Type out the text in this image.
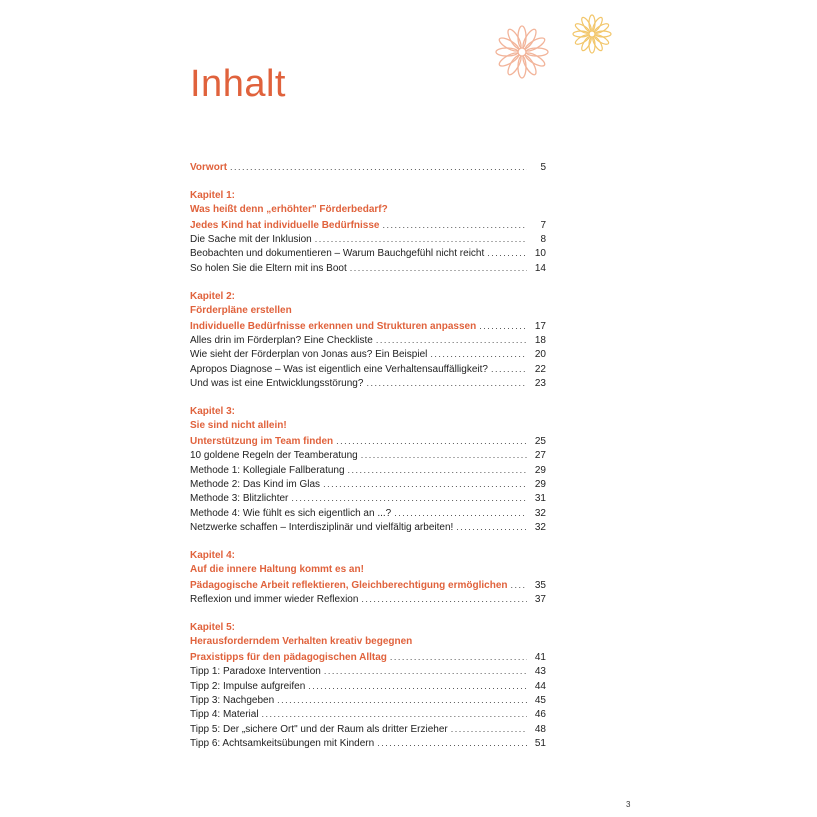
Inhalt
Vorwort .....	5
Kapitel 1:
Was heißt denn „erhöhter" Förderbedarf?
Jedes Kind hat individuelle Bedürfnisse .....	7
Die Sache mit der Inklusion .....	8
Beobachten und dokumentieren – Warum Bauchgefühl nicht reicht .....	10
So holen Sie die Eltern mit ins Boot .....	14
Kapitel 2:
Förderpläne erstellen
Individuelle Bedürfnisse erkennen und Strukturen anpassen .....	17
Alles drin im Förderplan? Eine Checkliste .....	18
Wie sieht der Förderplan von Jonas aus? Ein Beispiel .....	20
Apropos Diagnose – Was ist eigentlich eine Verhaltensauffälligkeit? .....	22
Und was ist eine Entwicklungsstörung? .....	23
Kapitel 3:
Sie sind nicht allein!
Unterstützung im Team finden .....	25
10 goldene Regeln der Teamberatung .....	27
Methode 1: Kollegiale Fallberatung .....	29
Methode 2: Das Kind im Glas .....	29
Methode 3: Blitzlichter .....	31
Methode 4: Wie fühlt es sich eigentlich an ...? .....	32
Netzwerke schaffen – Interdisziplinär und vielfältig arbeiten! .....	32
Kapitel 4:
Auf die innere Haltung kommt es an!
Pädagogische Arbeit reflektieren, Gleichberechtigung ermöglichen .....	35
Reflexion und immer wieder Reflexion .....	37
Kapitel 5:
Herausforderndem Verhalten kreativ begegnen
Praxistipps für den pädagogischen Alltag .....	41
Tipp 1: Paradoxe Intervention .....	43
Tipp 2: Impulse aufgreifen .....	44
Tipp 3: Nachgeben .....	45
Tipp 4: Material .....	46
Tipp 5: Der „sichere Ort" und der Raum als dritter Erzieher .....	48
Tipp 6: Achtsamkeitsübungen mit Kindern .....	51
3
